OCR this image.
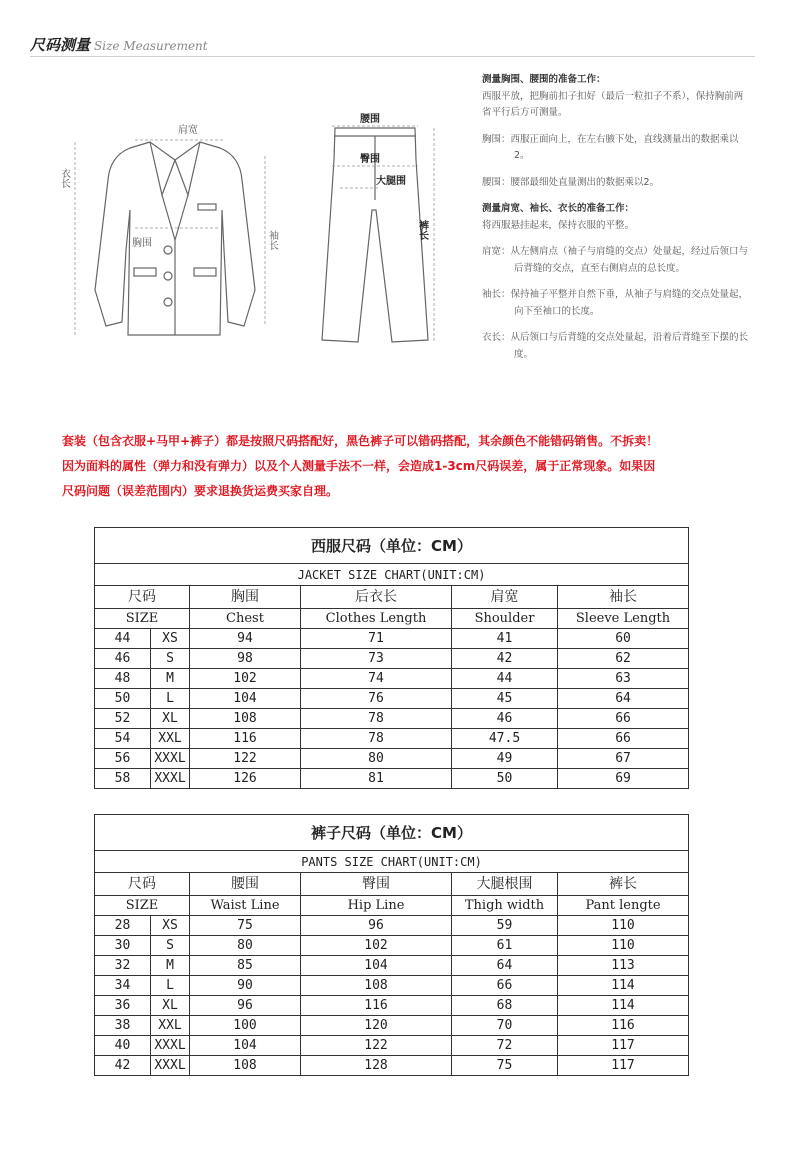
尺码测量 Size Measurement
肩宽
衣长
胸围	袖长
腰围
臀围
大腿围
裤长
测量胸围、腰围的准备工作：
西服平放，把胸前扣子扣好（最后一粒扣子不系），保持胸前两省平行后方可测量。
胸围：西服正面向上，在左右腋下处，直线测量出的数据乘以2。
腰围：腰部最细处直量测出的数据乘以2。
测量肩宽、袖长、衣长的准备工作：
将西服悬挂起来，保持衣服的平整。
肩宽：从左侧肩点（袖子与肩缝的交点）处量起，经过后领口与后背缝的交点，直至右侧肩点的总长度。
袖长：保持袖子平整并自然下垂，从袖子与肩缝的交点处量起，向下至袖口的长度。
衣长：从后领口与后背缝的交点处量起，沿着后背缝至下摆的长度。
套装（包含衣服+马甲+裤子）都是按照尺码搭配好，黑色裤子可以错码搭配，其余颜色不能错码销售。不拆卖！
因为面料的属性（弹力和没有弹力）以及个人测量手法不一样，会造成1-3cm尺码误差，属于正常现象。如果因
尺码问题（误差范围内）要求退换货运费买家自理。
西服尺码（单位：CM）					
JACKET SIZE CHART(UNIT:CM)					
尺码		胸围	后衣长	肩宽	袖长
SIZE		Chest	Clothes Length	Shoulder	Sleeve Length
44	XS	94	71	41	60
46	S	98	73	42	62
48	M	102	74	44	63
50	L	104	76	45	64
52	XL	108	78	46	66
54	XXL	116	78	47.5	66
56	XXXL	122	80	49	67
58	XXXL	126	81	50	69
裤子尺码（单位：CM）					
PANTS SIZE CHART(UNIT:CM)					
尺码		腰围	臀围	大腿根围	裤长
SIZE		Waist Line	Hip Line	Thigh width	Pant lengte
28	XS	75	96	59	110
30	S	80	102	61	110
32	M	85	104	64	113
34	L	90	108	66	114
36	XL	96	116	68	114
38	XXL	100	120	70	116
40	XXXL	104	122	72	117
42	XXXL	108	128	75	117
